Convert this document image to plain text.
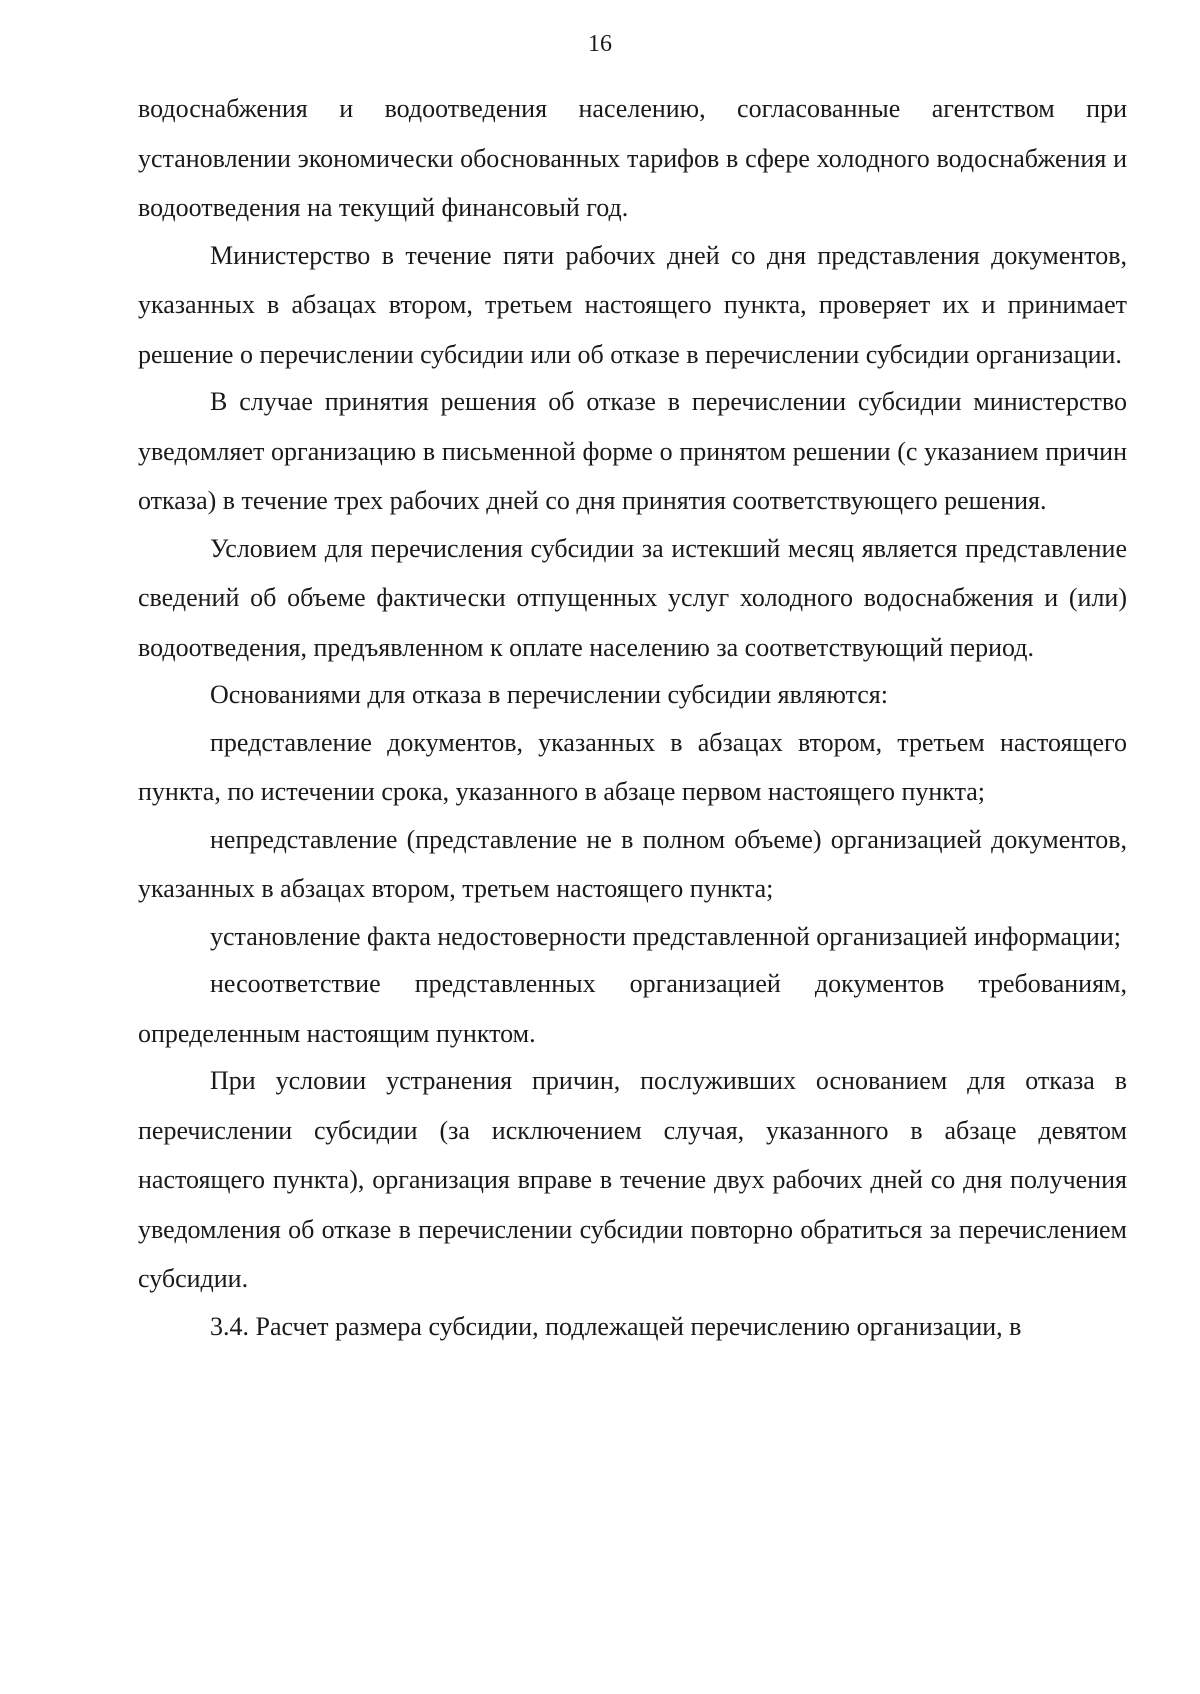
16

водоснабжения и водоотведения населению, согласованные агентством при установлении экономически обоснованных тарифов в сфере холодного водоснабжения и водоотведения на текущий финансовый год.

Министерство в течение пяти рабочих дней со дня представления документов, указанных в абзацах втором, третьем настоящего пункта, проверяет их и принимает решение о перечислении субсидии или об отказе в перечислении субсидии организации.

В случае принятия решения об отказе в перечислении субсидии министерство уведомляет организацию в письменной форме о принятом решении (с указанием причин отказа) в течение трех рабочих дней со дня принятия соответствующего решения.

Условием для перечисления субсидии за истекший месяц является представление сведений об объеме фактически отпущенных услуг холодного водоснабжения и (или) водоотведения, предъявленном к оплате населению за соответствующий период.

Основаниями для отказа в перечислении субсидии являются:

представление документов, указанных в абзацах втором, третьем настоящего пункта, по истечении срока, указанного в абзаце первом настоящего пункта;

непредставление (представление не в полном объеме) организацией документов, указанных в абзацах втором, третьем настоящего пункта;

установление факта недостоверности представленной организацией информации;

несоответствие представленных организацией документов требованиям, определенным настоящим пунктом.

При условии устранения причин, послуживших основанием для отказа в перечислении субсидии (за исключением случая, указанного в абзаце девятом настоящего пункта), организация вправе в течение двух рабочих дней со дня получения уведомления об отказе в перечислении субсидии повторно обратиться за перечислением субсидии.

3.4. Расчет размера субсидии, подлежащей перечислению организации, в
